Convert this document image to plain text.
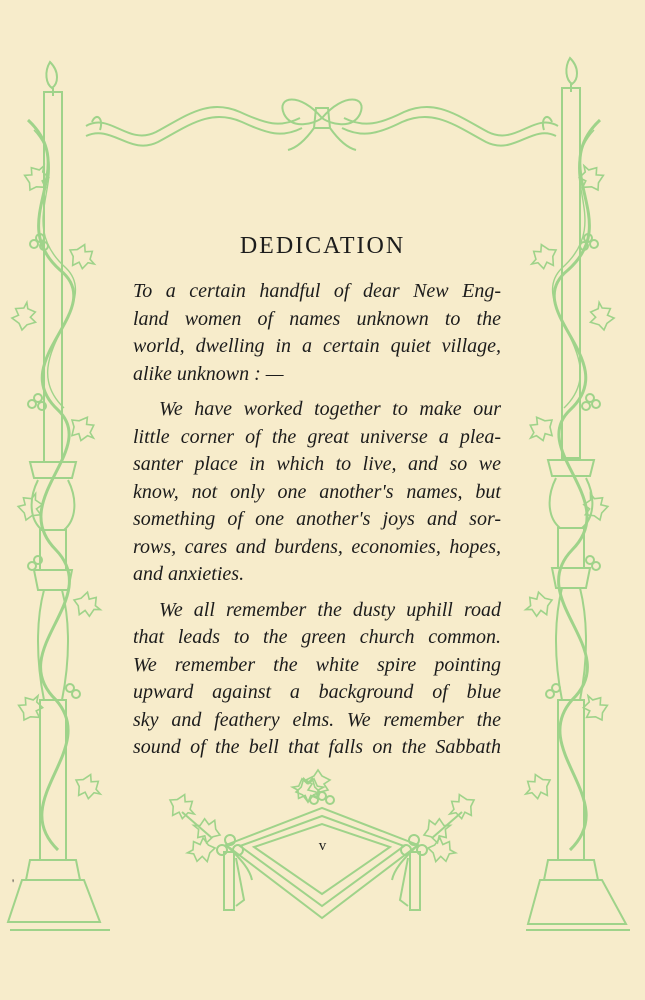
DEDICATION
To a certain handful of dear New Eng-
land women of names unknown to the
world, dwelling in a certain quiet village,
alike unknown : —
We have worked together to make our
little corner of the great universe a plea-
santer place in which to live, and so we
know, not only one another's names, but
something of one another's joys and sor-
rows, cares and burdens, economies, hopes,
and anxieties.
We all remember the dusty uphill road
that leads to the green church common.
We remember the white spire pointing
upward against a background of blue
sky and feathery elms. We remember the
sound of the bell that falls on the Sabbath
v
'
